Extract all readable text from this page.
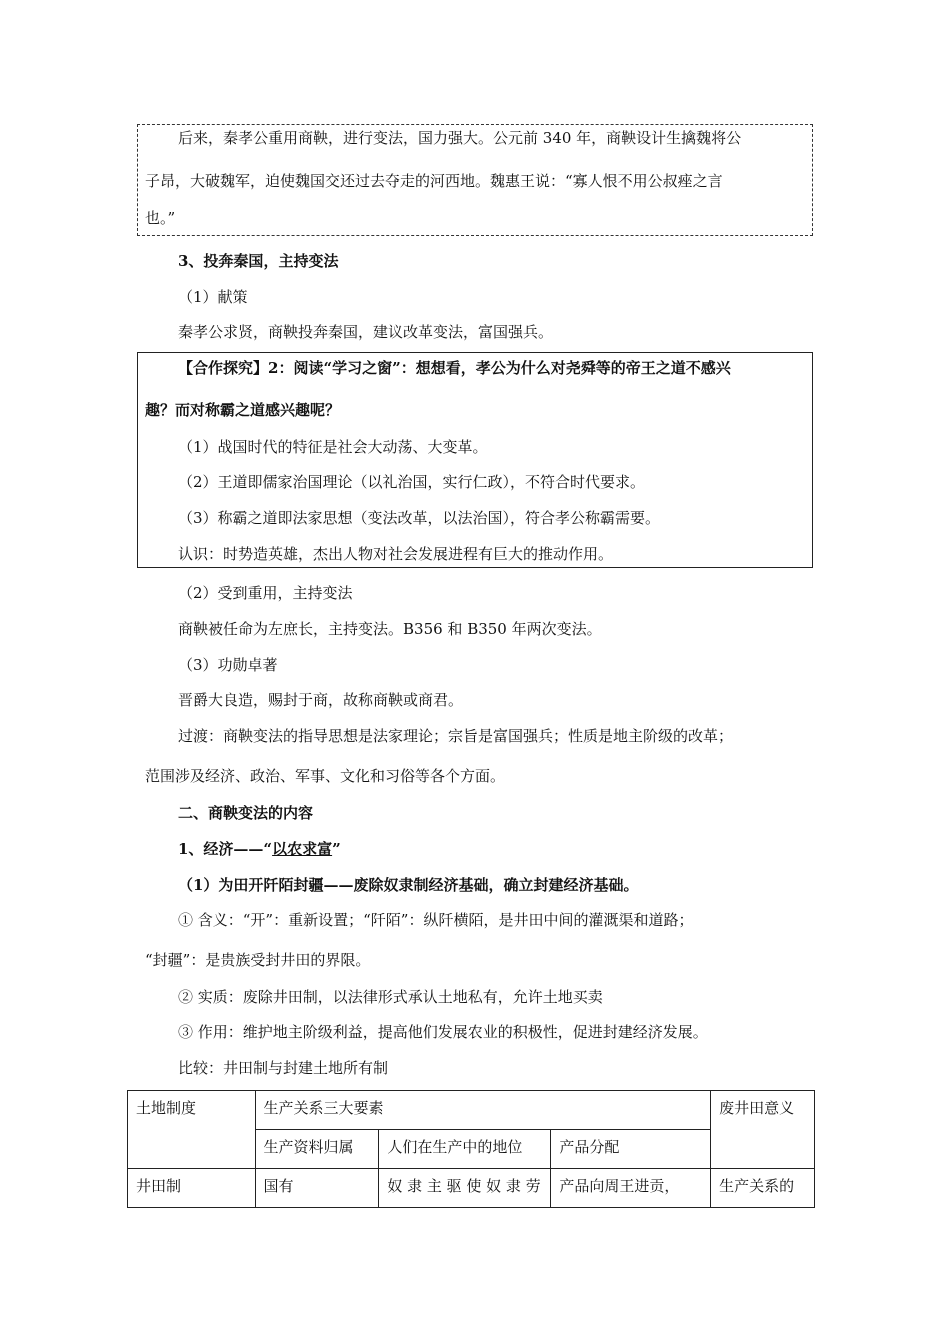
后来，秦孝公重用商鞅，进行变法，国力强大。公元前 340 年，商鞅设计生擒魏将公
子昂，大破魏军，迫使魏国交还过去夺走的河西地。魏惠王说：“寡人恨不用公叔痤之言
也。”
3、投奔秦国，主持变法
（1）献策
秦孝公求贤，商鞅投奔秦国，建议改革变法，富国强兵。
【合作探究】2：阅读“学习之窗”：想想看，孝公为什么对尧舜等的帝王之道不感兴
趣？而对称霸之道感兴趣呢？
（1）战国时代的特征是社会大动荡、大变革。
（2）王道即儒家治国理论（以礼治国，实行仁政），不符合时代要求。
（3）称霸之道即法家思想（变法改革，以法治国），符合孝公称霸需要。
认识：时势造英雄，杰出人物对社会发展进程有巨大的推动作用。
（2）受到重用，主持变法
商鞅被任命为左庶长，主持变法。B356 和 B350 年两次变法。
（3）功勋卓著
晋爵大良造，赐封于商，故称商鞅或商君。
过渡：商鞅变法的指导思想是法家理论；宗旨是富国强兵；性质是地主阶级的改革；
范围涉及经济、政治、军事、文化和习俗等各个方面。
二、商鞅变法的内容
1、经济——“以农求富”
（1）为田开阡陌封疆——废除奴隶制经济基础，确立封建经济基础。
① 含义：“开”：重新设置；“阡陌”：纵阡横陌，是井田中间的灌溉渠和道路；
“封疆”：是贵族受封井田的界限。
② 实质：废除井田制，以法律形式承认土地私有，允许土地买卖
③ 作用：维护地主阶级利益，提高他们发展农业的积极性，促进封建经济发展。
比较：井田制与封建土地所有制
土地制度	生产关系三大要素			废井田意义
	生产资料归属	人们在生产中的地位	产品分配	
井田制	国有	奴 隶 主 驱 使 奴 隶 劳	产品向周王进贡，	生产关系的
